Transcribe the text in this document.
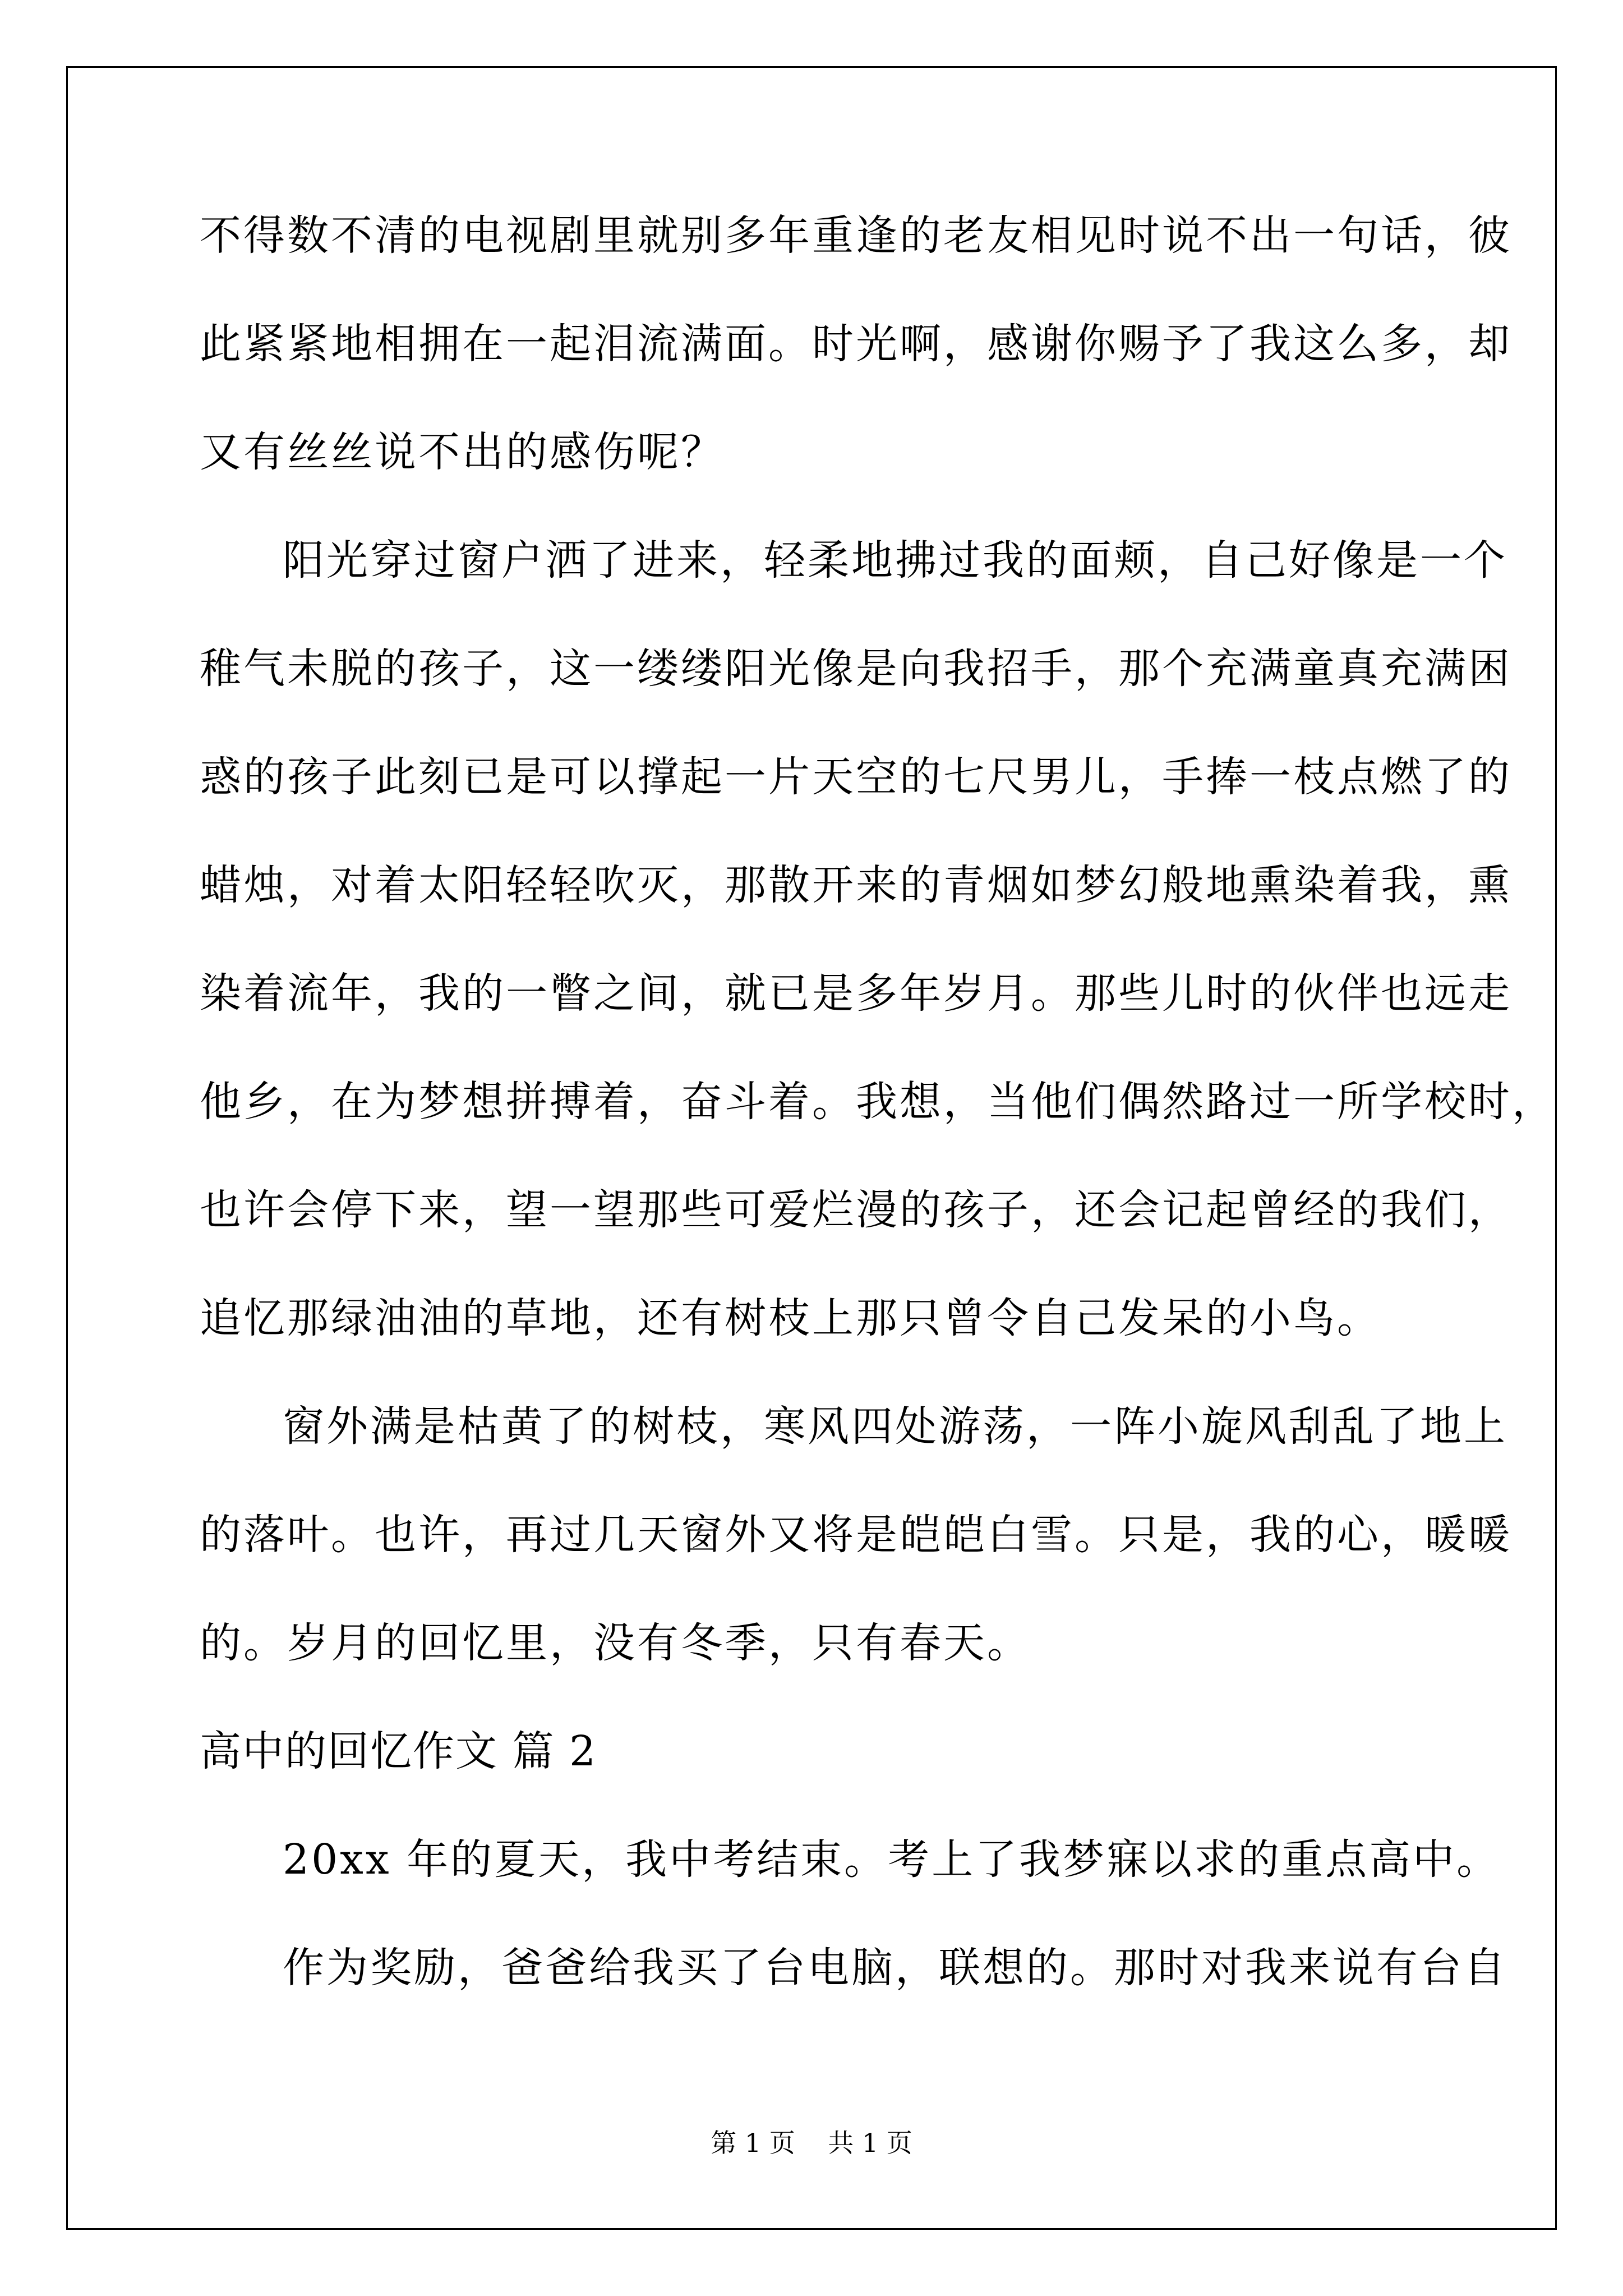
不得数不清的电视剧里就别多年重逢的老友相见时说不出一句话，彼
此紧紧地相拥在一起泪流满面。时光啊，感谢你赐予了我这么多，却
又有丝丝说不出的感伤呢？
阳光穿过窗户洒了进来，轻柔地拂过我的面颊，自己好像是一个
稚气未脱的孩子，这一缕缕阳光像是向我招手，那个充满童真充满困
惑的孩子此刻已是可以撑起一片天空的七尺男儿，手捧一枝点燃了的
蜡烛，对着太阳轻轻吹灭，那散开来的青烟如梦幻般地熏染着我，熏
染着流年，我的一瞥之间，就已是多年岁月。那些儿时的伙伴也远走
他乡，在为梦想拼搏着，奋斗着。我想，当他们偶然路过一所学校时，
也许会停下来，望一望那些可爱烂漫的孩子，还会记起曾经的我们，
追忆那绿油油的草地，还有树枝上那只曾令自己发呆的小鸟。
窗外满是枯黄了的树枝，寒风四处游荡，一阵小旋风刮乱了地上
的落叶。也许，再过几天窗外又将是皑皑白雪。只是，我的心，暖暖
的。岁月的回忆里，没有冬季，只有春天。
高中的回忆作文 篇 2
20xx 年的夏天，我中考结束。考上了我梦寐以求的重点高中。
作为奖励，爸爸给我买了台电脑，联想的。那时对我来说有台自
第 1 页    共 1 页
